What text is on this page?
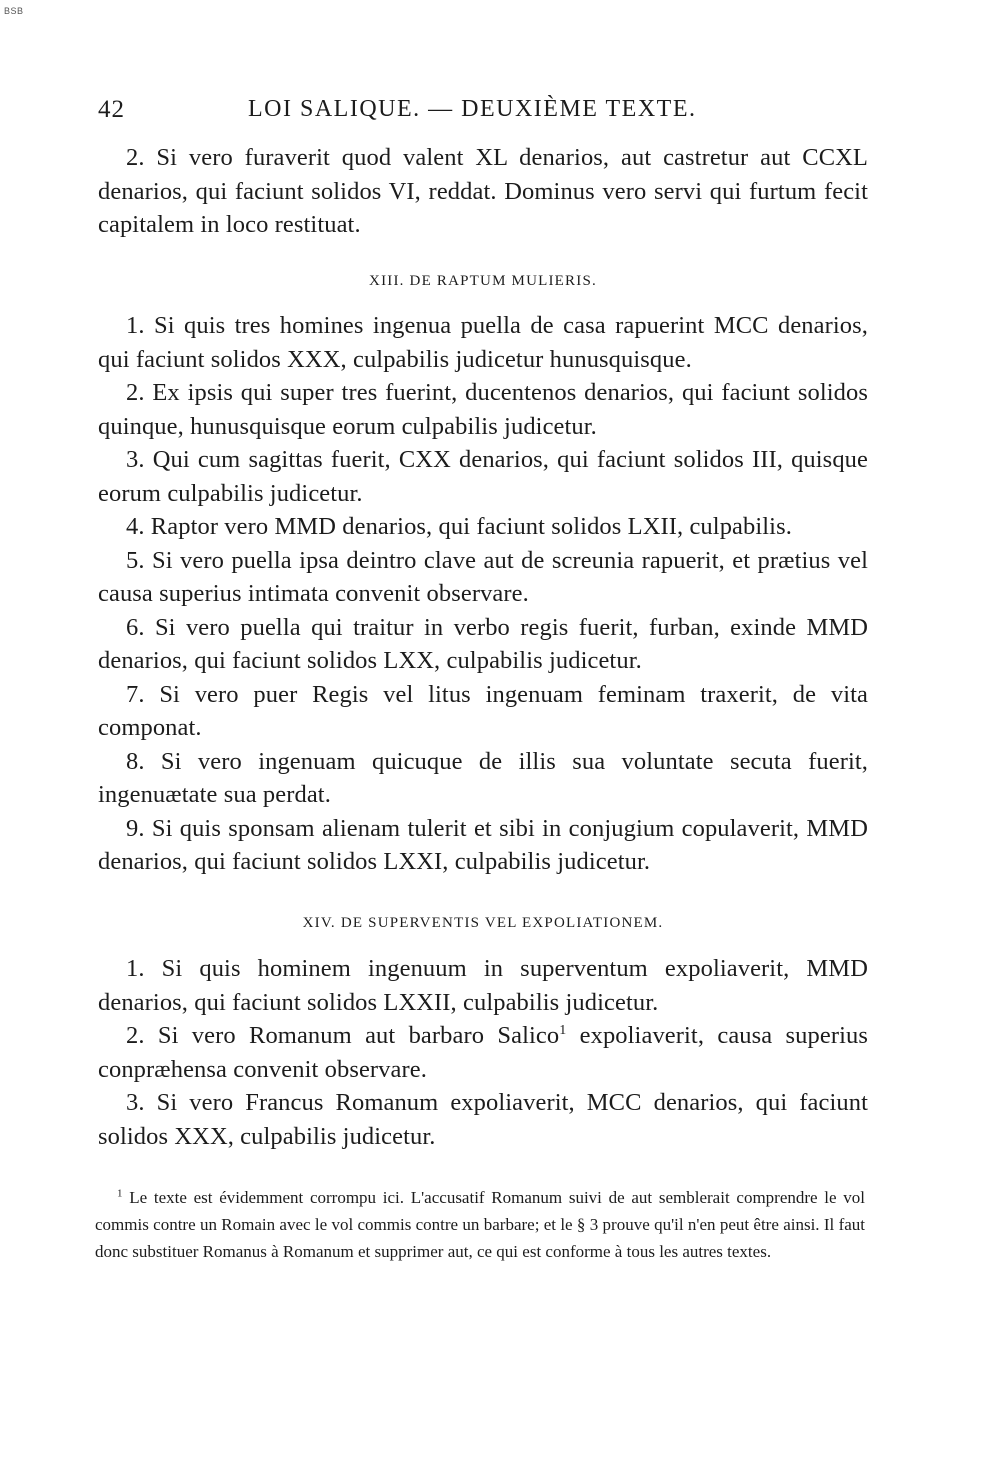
BSB
42	LOI SALIQUE. — DEUXIÈME TEXTE.

2. Si vero furaverit quod valent XL denarios, aut castretur aut CCXL denarios, qui faciunt solidos VI, reddat. Dominus vero servi qui furtum fecit capitalem in loco restituat.

XIII. DE RAPTUM MULIERIS.

1. Si quis tres homines ingenua puella de casa rapuerint MCC denarios, qui faciunt solidos XXX, culpabilis judicetur hunusquisque.

2. Ex ipsis qui super tres fuerint, ducentenos denarios, qui faciunt solidos quinque, hunusquisque eorum culpabilis judicetur.

3. Qui cum sagittas fuerit, CXX denarios, qui faciunt solidos III, quisque eorum culpabilis judicetur.

4. Raptor vero MMD denarios, qui faciunt solidos LXII, culpabilis.

5. Si vero puella ipsa deintro clave aut de screunia rapuerit, et prætius vel causa superius intimata convenit observare.

6. Si vero puella qui traitur in verbo regis fuerit, furban, exinde MMD denarios, qui faciunt solidos LXX, culpabilis judicetur.

7. Si vero puer Regis vel litus ingenuam feminam traxerit, de vita componat.

8. Si vero ingenuam quicuque de illis sua voluntate secuta fuerit, ingenuætate sua perdat.

9. Si quis sponsam alienam tulerit et sibi in conjugium copulaverit, MMD denarios, qui faciunt solidos LXXI, culpabilis judicetur.

XIV. DE SUPERVENTIS VEL EXPOLIATIONEM.

1. Si quis hominem ingenuum in superventum expoliaverit, MMD denarios, qui faciunt solidos LXXII, culpabilis judicetur.

2. Si vero Romanum aut barbaro Salico$^1$ expoliaverit, causa superius conpræhensa convenit observare.

3. Si vero Francus Romanum expoliaverit, MCC denarios, qui faciunt solidos XXX, culpabilis judicetur.

$^1$ Le texte est évidemment corrompu ici. L'accusatif Romanum suivi de aut semblerait comprendre le vol commis contre un Romain avec le vol commis contre un barbare; et le § 3 prouve qu'il n'en peut être ainsi. Il faut donc substituer Romanus à Romanum et supprimer aut, ce qui est conforme à tous les autres textes.
